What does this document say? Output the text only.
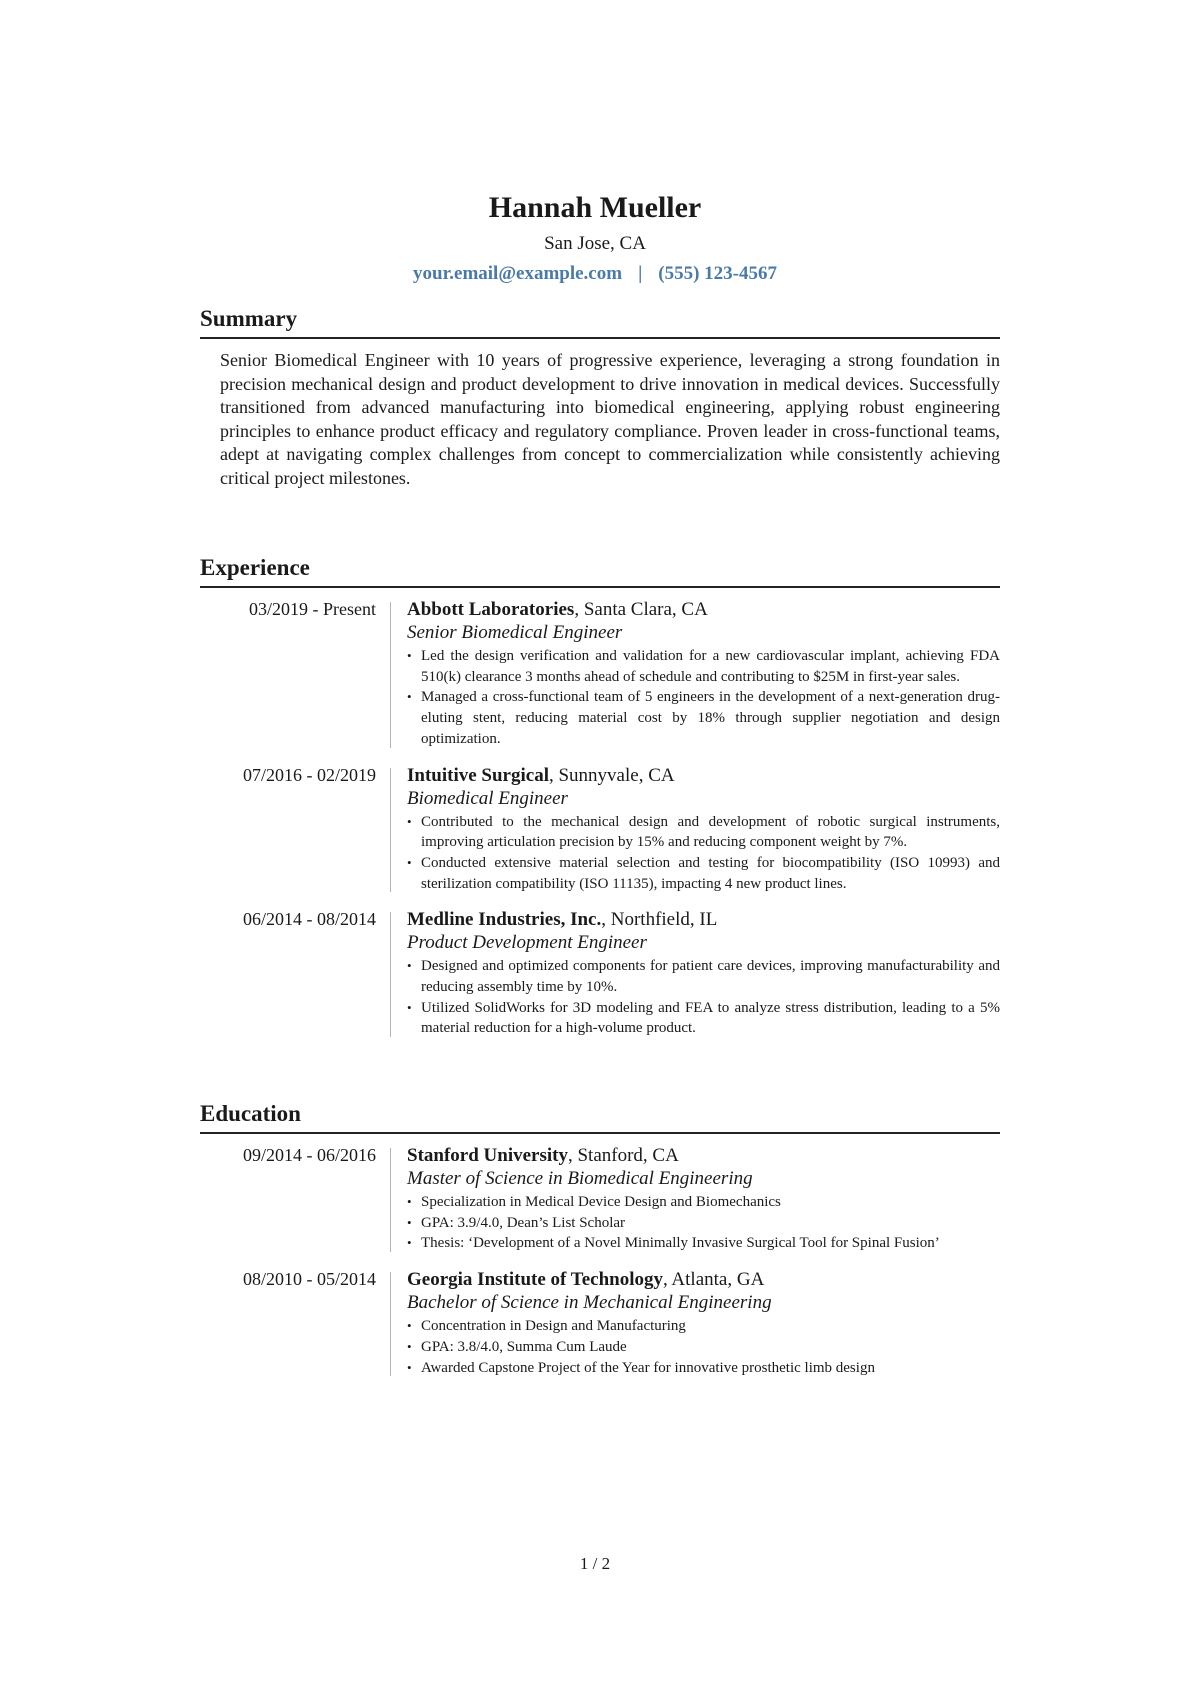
Hannah Mueller
San Jose, CA
your.email@example.com | (555) 123-4567
Summary
Senior Biomedical Engineer with 10 years of progressive experience, leveraging a strong foundation in precision mechanical design and product development to drive innovation in medical devices. Successfully transitioned from advanced manufacturing into biomedical engineering, applying robust engineering principles to enhance product efficacy and regulatory compliance. Proven leader in cross-functional teams, adept at navigating complex challenges from concept to commercialization while consistently achieving critical project milestones.
Experience
03/2019 - Present Abbott Laboratories, Santa Clara, CA
Senior Biomedical Engineer
• Led the design verification and validation for a new cardiovascular implant, achieving FDA 510(k) clearance 3 months ahead of schedule and contributing to $25M in first-year sales.
• Managed a cross-functional team of 5 engineers in the development of a next-generation drug-eluting stent, reducing material cost by 18% through supplier negotiation and design optimization.
07/2016 - 02/2019 Intuitive Surgical, Sunnyvale, CA
Biomedical Engineer
• Contributed to the mechanical design and development of robotic surgical instruments, improving articulation precision by 15% and reducing component weight by 7%.
• Conducted extensive material selection and testing for biocompatibility (ISO 10993) and sterilization compatibility (ISO 11135), impacting 4 new product lines.
06/2014 - 08/2014 Medline Industries, Inc., Northfield, IL
Product Development Engineer
• Designed and optimized components for patient care devices, improving manufacturability and reducing assembly time by 10%.
• Utilized SolidWorks for 3D modeling and FEA to analyze stress distribution, leading to a 5% material reduction for a high-volume product.
Education
09/2014 - 06/2016 Stanford University, Stanford, CA
Master of Science in Biomedical Engineering
• Specialization in Medical Device Design and Biomechanics
• GPA: 3.9/4.0, Dean’s List Scholar
• Thesis: ‘Development of a Novel Minimally Invasive Surgical Tool for Spinal Fusion’
08/2010 - 05/2014 Georgia Institute of Technology, Atlanta, GA
Bachelor of Science in Mechanical Engineering
• Concentration in Design and Manufacturing
• GPA: 3.8/4.0, Summa Cum Laude
• Awarded Capstone Project of the Year for innovative prosthetic limb design
1 / 2
